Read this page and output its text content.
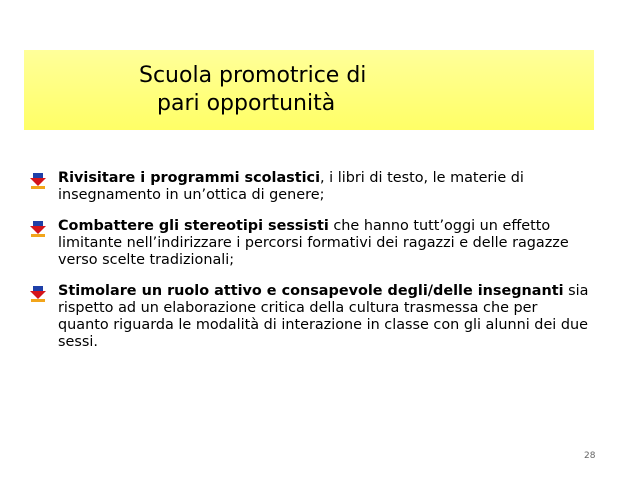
Scuola promotrice di
pari opportunità
Rivisitare i programmi scolastici, i libri di testo, le materie di insegnamento in un’ottica di genere;
Combattere gli stereotipi sessisti che hanno tutt’oggi un effetto limitante nell’indirizzare i percorsi formativi dei ragazzi e delle ragazze verso scelte tradizionali;
Stimolare un ruolo attivo e consapevole degli/delle insegnanti sia rispetto ad un elaborazione critica della cultura trasmessa che per quanto riguarda le modalità di interazione in classe con gli alunni dei due sessi.
28
